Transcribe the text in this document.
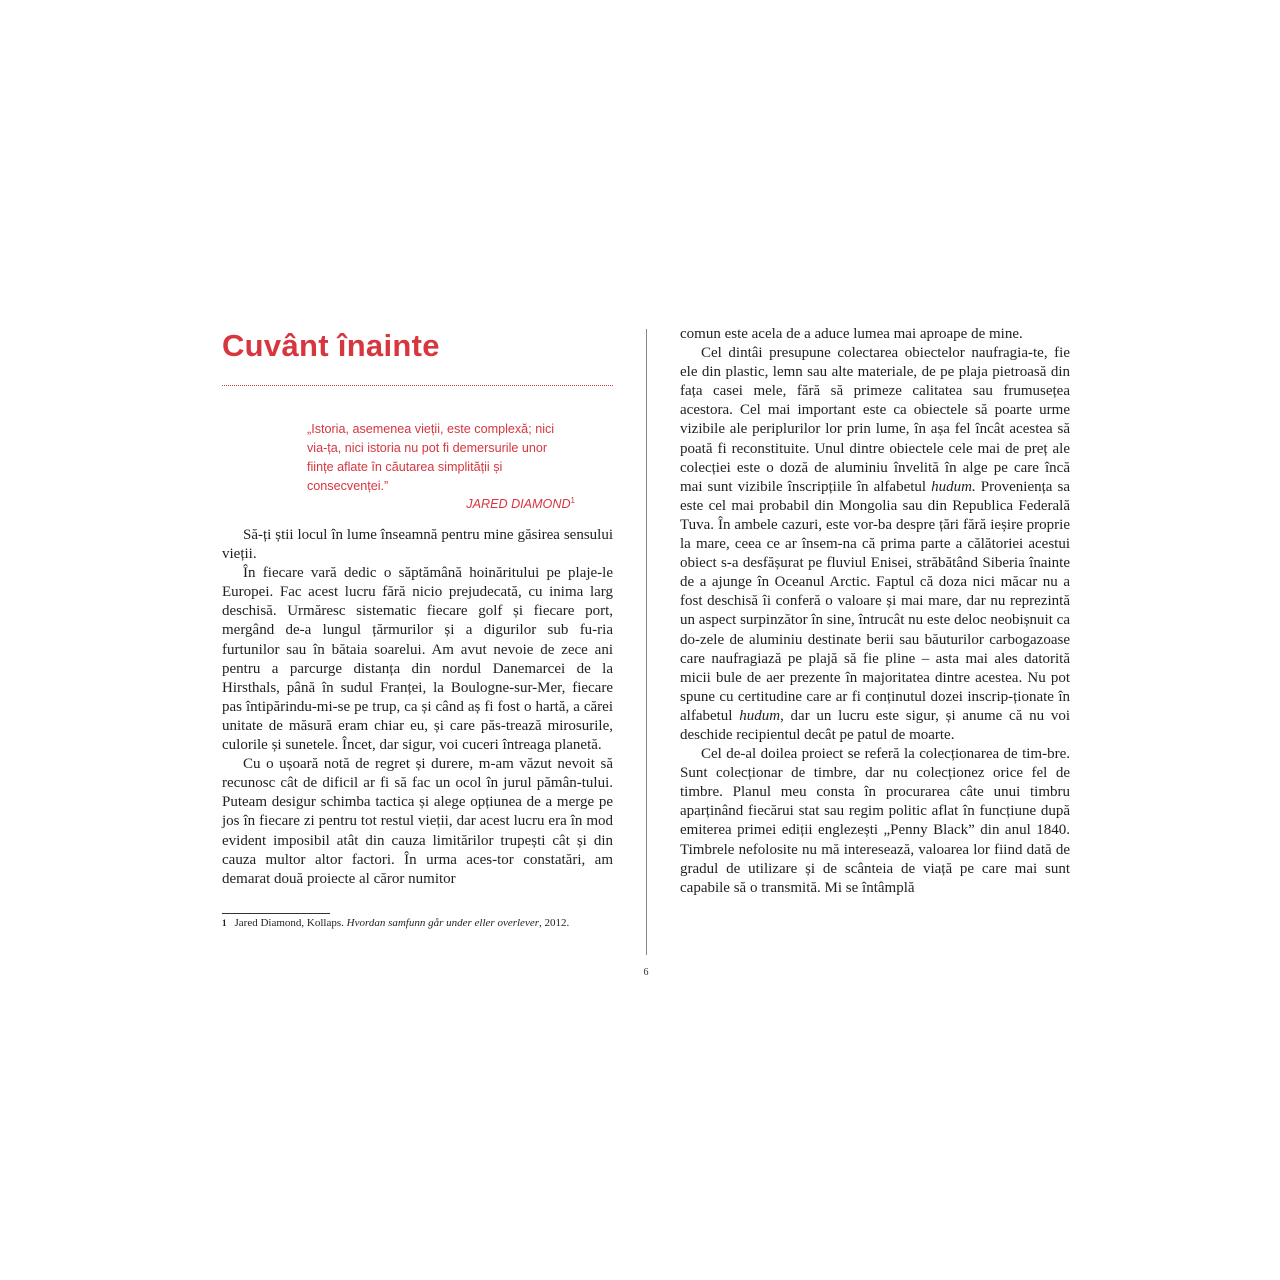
Cuvânt înainte

„Istoria, asemenea vieții, este complexă; nici via-ța, nici istoria nu pot fi demersurile unor ființe aflate în căutarea simplității și consecvenței.”

JARED DIAMOND$^1$

Să-ți știi locul în lume înseamnă pentru mine găsirea sensului vieții.

În fiecare vară dedic o săptămână hoinăritului pe plaje-le Europei. Fac acest lucru fără nicio prejudecată, cu inima larg deschisă. Urmăresc sistematic fiecare golf și fiecare port, mergând de-a lungul țărmurilor și a digurilor sub fu-ria furtunilor sau în bătaia soarelui. Am avut nevoie de zece ani pentru a parcurge distanța din nordul Danemarcei de la Hirsthals, până în sudul Franței, la Boulogne-sur-Mer, fiecare pas întipărindu-mi-se pe trup, ca și când aș fi fost o hartă, a cărei unitate de măsură eram chiar eu, și care păs-trează mirosurile, culorile și sunetele. Încet, dar sigur, voi cuceri întreaga planetă.

Cu o ușoară notă de regret și durere, m-am văzut nevoit să recunosc cât de dificil ar fi să fac un ocol în jurul pămân-tului. Puteam desigur schimba tactica și alege opțiunea de a merge pe jos în fiecare zi pentru tot restul vieții, dar acest lucru era în mod evident imposibil atât din cauza limitărilor trupești cât și din cauza multor altor factori. În urma aces-tor constatări, am demarat două proiecte al căror numitor

$^1$ Jared Diamond, Kollaps. Hvordan samfunn går under eller overlever, 2012.

comun este acela de a aduce lumea mai aproape de mine.

Cel dintâi presupune colectarea obiectelor naufragia-te, fie ele din plastic, lemn sau alte materiale, de pe plaja pietroasă din fața casei mele, fără să primeze calitatea sau frumusețea acestora. Cel mai important este ca obiectele să poarte urme vizibile ale periplurilor lor prin lume, în așa fel încât acestea să poată fi reconstituite. Unul dintre obiectele cele mai de preț ale colecției este o doză de aluminiu învelită în alge pe care încă mai sunt vizibile înscripțiile în alfabetul hudum. Proveniența sa este cel mai probabil din Mongolia sau din Republica Federală Tuva. În ambele cazuri, este vor-ba despre țări fără ieșire proprie la mare, ceea ce ar însem-na că prima parte a călătoriei acestui obiect s-a desfășurat pe fluviul Enisei, străbătând Siberia înainte de a ajunge în Oceanul Arctic. Faptul că doza nici măcar nu a fost deschisă îi conferă o valoare și mai mare, dar nu reprezintă un aspect surpinzător în sine, întrucât nu este deloc neobișnuit ca do-zele de aluminiu destinate berii sau băuturilor carbogazoase care naufragiază pe plajă să fie pline – asta mai ales datorită micii bule de aer prezente în majoritatea dintre acestea. Nu pot spune cu certitudine care ar fi conținutul dozei inscrip-ționate în alfabetul hudum, dar un lucru este sigur, și anume că nu voi deschide recipientul decât pe patul de moarte.

Cel de-al doilea proiect se referă la colecționarea de tim-bre. Sunt colecționar de timbre, dar nu colecționez orice fel de timbre. Planul meu consta în procurarea câte unui timbru aparținând fiecărui stat sau regim politic aflat în funcțiune după emiterea primei ediții englezești „Penny Black” din anul 1840. Timbrele nefolosite nu mă interesează, valoarea lor fiind dată de gradul de utilizare și de scânteia de viață pe care mai sunt capabile să o transmită. Mi se întâmplă

6
